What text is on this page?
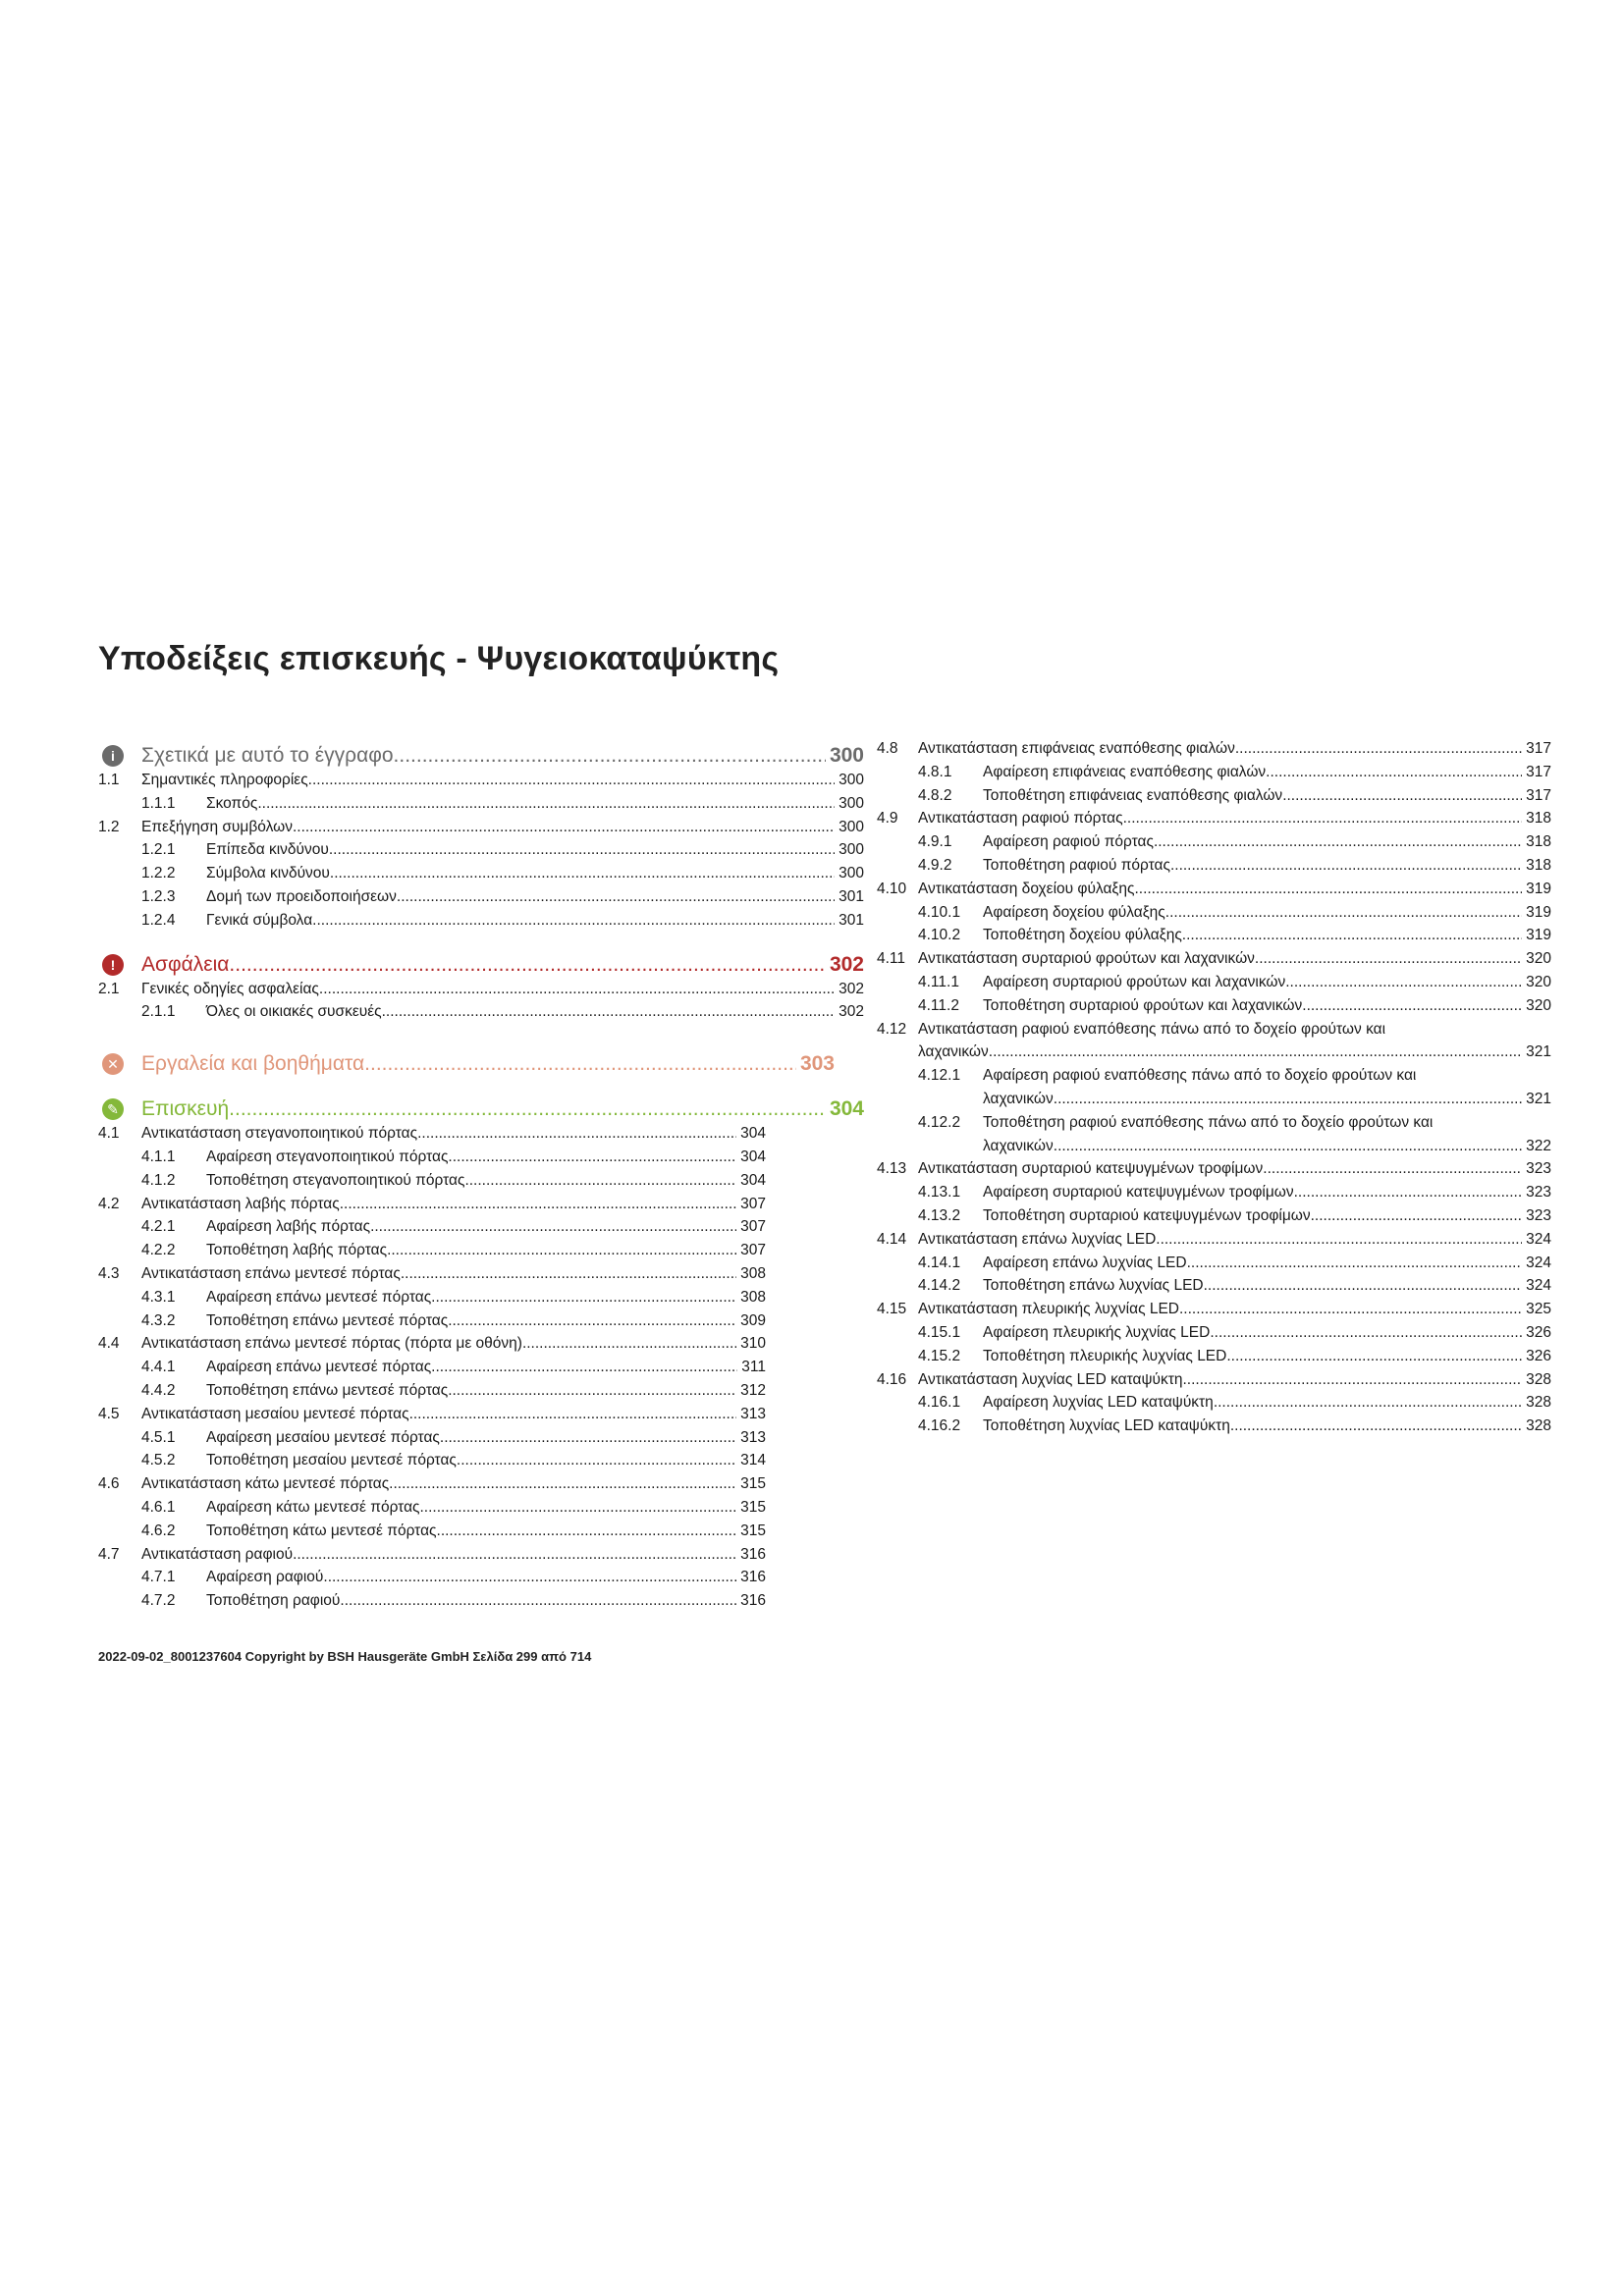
Υποδείξεις επισκευής - Ψυγειοκαταψύκτης
i	Σχετικά με αυτό το έγγραφο .....	300
1.1 Σημαντικές πληροφορίες .....	300
1.1.1 Σκοπός .....	300
1.2 Επεξήγηση συμβόλων .....	300
1.2.1 Επίπεδα κινδύνου .....	300
1.2.2 Σύμβολα κινδύνου .....	300
1.2.3 Δομή των προειδοποιήσεων .....	301
1.2.4 Γενικά σύμβολα .....	301
!	Ασφάλεια .....	302
2.1 Γενικές οδηγίες ασφαλείας .....	302
2.1.1 Όλες οι οικιακές συσκευές .....	302
✕ Εργαλεία και βοηθήματα .....	303
✎ Επισκευή .....	304
4.1 Αντικατάσταση στεγανοποιητικού πόρτας .....	304
4.1.1 Αφαίρεση στεγανοποιητικού πόρτας .....	304
4.1.2 Τοποθέτηση στεγανοποιητικού πόρτας .....	304
4.2 Αντικατάσταση λαβής πόρτας .....	307
4.2.1 Αφαίρεση λαβής πόρτας .....	307
4.2.2 Τοποθέτηση λαβής πόρτας .....	307
4.3 Αντικατάσταση επάνω μεντεσέ πόρτας .....	308
4.3.1 Αφαίρεση επάνω μεντεσέ πόρτας .....	308
4.3.2 Τοποθέτηση επάνω μεντεσέ πόρτας .....	309
4.4 Αντικατάσταση επάνω μεντεσέ πόρτας (πόρτα με οθόνη) .....	310
4.4.1 Αφαίρεση επάνω μεντεσέ πόρτας .....	311
4.4.2 Τοποθέτηση επάνω μεντεσέ πόρτας .....	312
4.5 Αντικατάσταση μεσαίου μεντεσέ πόρτας .....	313
4.5.1 Αφαίρεση μεσαίου μεντεσέ πόρτας .....	313
4.5.2 Τοποθέτηση μεσαίου μεντεσέ πόρτας .....	314
4.6 Αντικατάσταση κάτω μεντεσέ πόρτας .....	315
4.6.1 Αφαίρεση κάτω μεντεσέ πόρτας .....	315
4.6.2 Τοποθέτηση κάτω μεντεσέ πόρτας .....	315
4.7 Αντικατάσταση ραφιού .....	316
4.7.1 Αφαίρεση ραφιού .....	316
4.7.2 Τοποθέτηση ραφιού .....	316
4.8 Αντικατάσταση επιφάνειας εναπόθεσης φιαλών .....	317
4.8.1 Αφαίρεση επιφάνειας εναπόθεσης φιαλών .....	317
4.8.2 Τοποθέτηση επιφάνειας εναπόθεσης φιαλών .....	317
4.9 Αντικατάσταση ραφιού πόρτας .....	318
4.9.1 Αφαίρεση ραφιού πόρτας .....	318
4.9.2 Τοποθέτηση ραφιού πόρτας .....	318
4.10 Αντικατάσταση δοχείου φύλαξης .....	319
4.10.1 Αφαίρεση δοχείου φύλαξης .....	319
4.10.2 Τοποθέτηση δοχείου φύλαξης .....	319
4.11 Αντικατάσταση συρταριού φρούτων και λαχανικών .....	320
4.11.1 Αφαίρεση συρταριού φρούτων και λαχανικών .....	320
4.11.2 Τοποθέτηση συρταριού φρούτων και λαχανικών .....	320
4.12 Αντικατάσταση ραφιού εναπόθεσης πάνω από το δοχείο φρούτων και
λαχανικών .....	321
4.12.1 Αφαίρεση ραφιού εναπόθεσης πάνω από το δοχείο φρούτων και
λαχανικών .....	321
4.12.2 Τοποθέτηση ραφιού εναπόθεσης πάνω από το δοχείο φρούτων και
λαχανικών .....	322
4.13 Αντικατάσταση συρταριού κατεψυγμένων τροφίμων .....	323
4.13.1 Αφαίρεση συρταριού κατεψυγμένων τροφίμων .....	323
4.13.2 Τοποθέτηση συρταριού κατεψυγμένων τροφίμων .....	323
4.14 Αντικατάσταση επάνω λυχνίας LED .....	324
4.14.1 Αφαίρεση επάνω λυχνίας LED .....	324
4.14.2 Τοποθέτηση επάνω λυχνίας LED .....	324
4.15 Αντικατάσταση πλευρικής λυχνίας LED .....	325
4.15.1 Αφαίρεση πλευρικής λυχνίας LED .....	326
4.15.2 Τοποθέτηση πλευρικής λυχνίας LED .....	326
4.16 Αντικατάσταση λυχνίας LED καταψύκτη .....	328
4.16.1 Αφαίρεση λυχνίας LED καταψύκτη .....	328
4.16.2 Τοποθέτηση λυχνίας LED καταψύκτη .....	328
2022-09-02_8001237604 Copyright by BSH Hausgeräte GmbH Σελίδα 299 από 714
